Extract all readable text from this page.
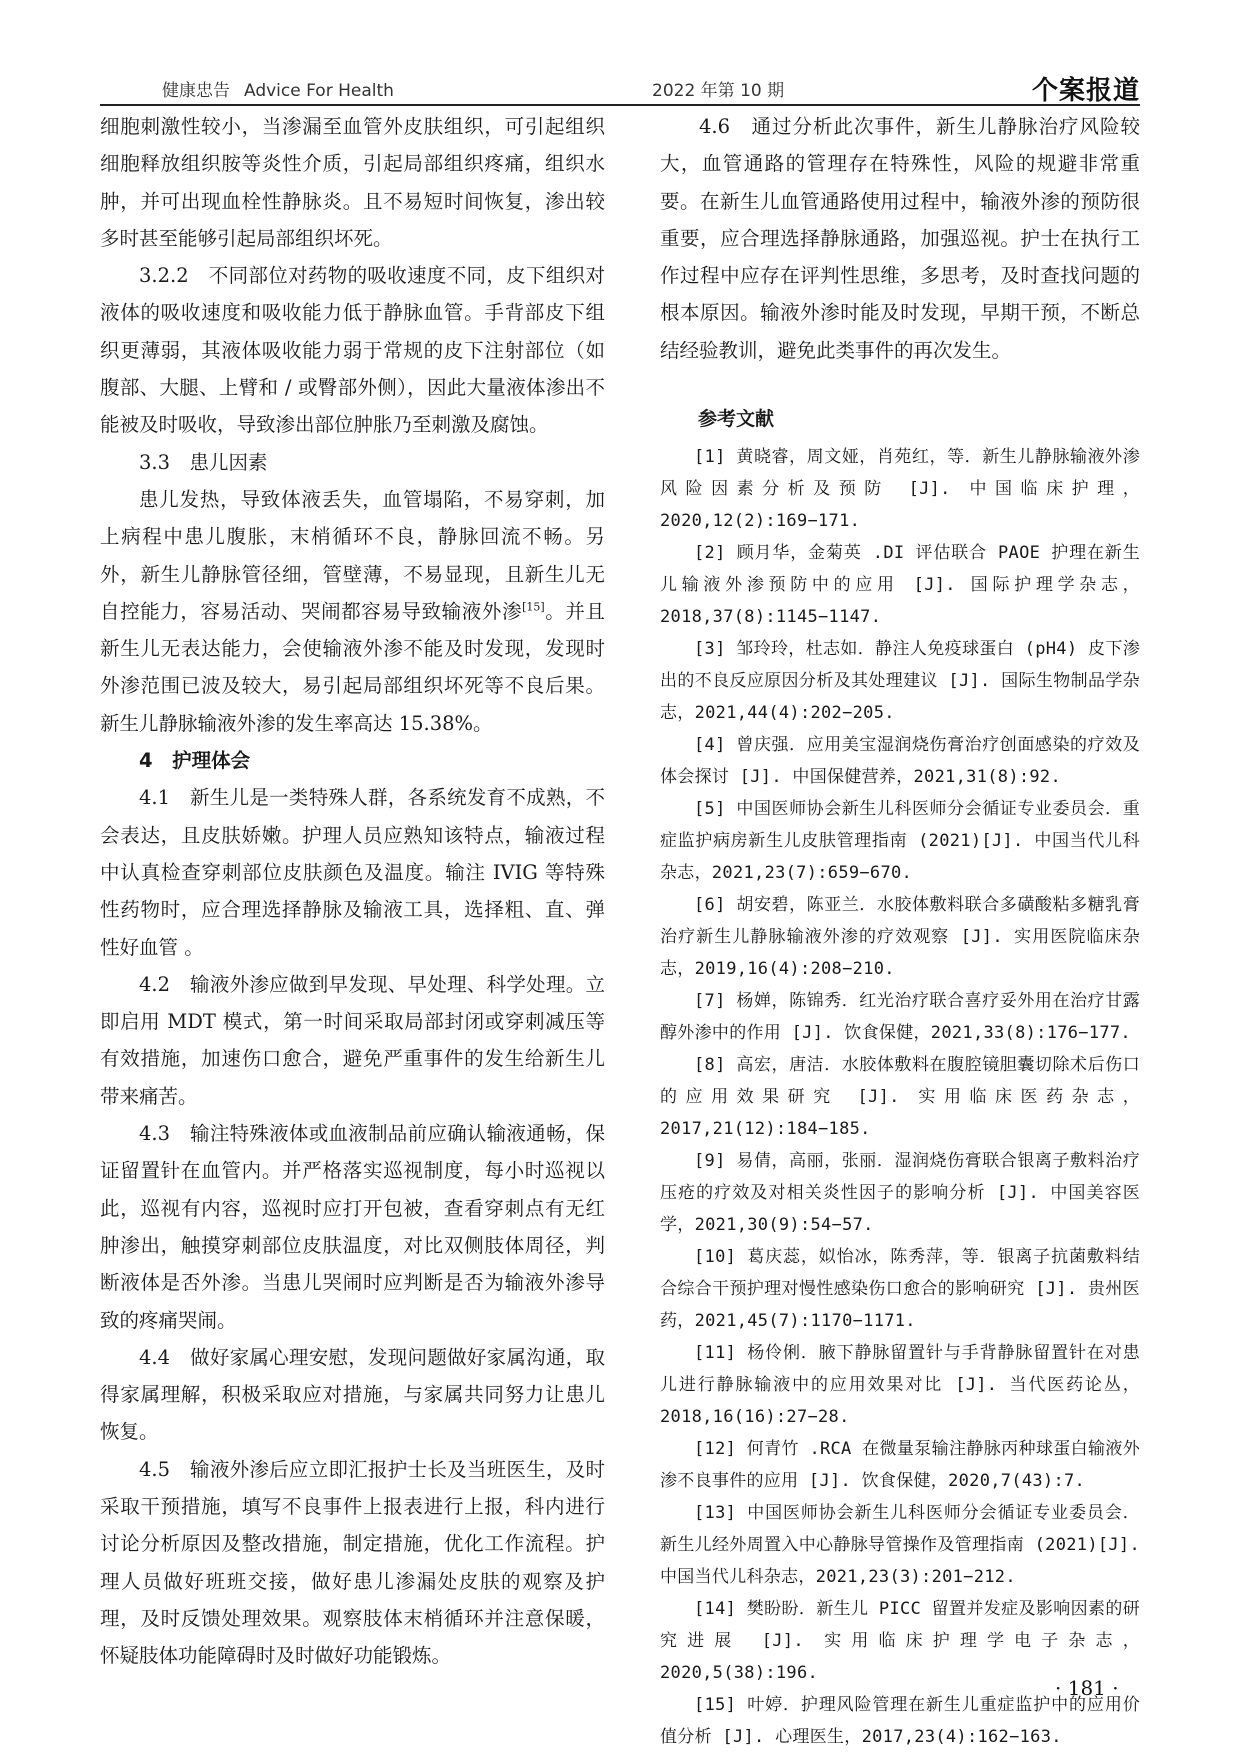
健康忠告 Advice For Health	2022 年第 10 期	个案报道

细胞刺激性较小，当渗漏至血管外皮肤组织，可引起组织细胞释放组织胺等炎性介质，引起局部组织疼痛，组织水肿，并可出现血栓性静脉炎。且不易短时间恢复，渗出较多时甚至能够引起局部组织坏死。

3.2.2　不同部位对药物的吸收速度不同，皮下组织对液体的吸收速度和吸收能力低于静脉血管。手背部皮下组织更薄弱，其液体吸收能力弱于常规的皮下注射部位（如腹部、大腿、上臂和 / 或臀部外侧），因此大量液体渗出不能被及时吸收，导致渗出部位肿胀乃至刺激及腐蚀。

3.3　患儿因素

患儿发热，导致体液丢失，血管塌陷，不易穿刺，加上病程中患儿腹胀，末梢循环不良，静脉回流不畅。另外，新生儿静脉管径细，管壁薄，不易显现，且新生儿无自控能力，容易活动、哭闹都容易导致输液外渗[15]。并且新生儿无表达能力，会使输液外渗不能及时发现，发现时外渗范围已波及较大，易引起局部组织坏死等不良后果。新生儿静脉输液外渗的发生率高达 15.38%。

4　护理体会

4.1　新生儿是一类特殊人群，各系统发育不成熟，不会表达，且皮肤娇嫩。护理人员应熟知该特点，输液过程中认真检查穿刺部位皮肤颜色及温度。输注 IVIG 等特殊性药物时，应合理选择静脉及输液工具，选择粗、直、弹性好血管 。

4.2　输液外渗应做到早发现、早处理、科学处理。立即启用 MDT 模式，第一时间采取局部封闭或穿刺减压等有效措施，加速伤口愈合，避免严重事件的发生给新生儿带来痛苦。

4.3　输注特殊液体或血液制品前应确认输液通畅，保证留置针在血管内。并严格落实巡视制度，每小时巡视以此，巡视有内容，巡视时应打开包被，查看穿刺点有无红肿渗出，触摸穿刺部位皮肤温度，对比双侧肢体周径，判断液体是否外渗。当患儿哭闹时应判断是否为输液外渗导致的疼痛哭闹。

4.4　做好家属心理安慰，发现问题做好家属沟通，取得家属理解，积极采取应对措施，与家属共同努力让患儿恢复。

4.5　输液外渗后应立即汇报护士长及当班医生，及时采取干预措施，填写不良事件上报表进行上报，科内进行讨论分析原因及整改措施，制定措施，优化工作流程。护理人员做好班班交接，做好患儿渗漏处皮肤的观察及护理，及时反馈处理效果。观察肢体末梢循环并注意保暖，怀疑肢体功能障碍时及时做好功能锻炼。

4.6　通过分析此次事件，新生儿静脉治疗风险较大，血管通路的管理存在特殊性，风险的规避非常重要。在新生儿血管通路使用过程中，输液外渗的预防很重要，应合理选择静脉通路，加强巡视。护士在执行工作过程中应存在评判性思维，多思考，及时查找问题的根本原因。输液外渗时能及时发现，早期干预，不断总结经验教训，避免此类事件的再次发生。

参考文献

[1] 黄晓睿，周文娅，肖苑红，等．新生儿静脉输液外渗风险因素分析及预防 [J]. 中国临床护理，2020,12(2):169−171.

[2] 顾月华，金菊英 .DI 评估联合 PAOE 护理在新生儿输液外渗预防中的应用 [J]. 国际护理学杂志，2018,37(8):1145−1147.

[3] 邹玲玲，杜志如．静注人免疫球蛋白 (pH4) 皮下渗出的不良反应原因分析及其处理建议 [J]. 国际生物制品学杂志，2021,44(4):202−205.

[4] 曾庆强．应用美宝湿润烧伤膏治疗创面感染的疗效及体会探讨 [J]. 中国保健营养，2021,31(8):92.

[5] 中国医师协会新生儿科医师分会循证专业委员会．重症监护病房新生儿皮肤管理指南 (2021)[J]. 中国当代儿科杂志，2021,23(7):659−670.

[6] 胡安碧，陈亚兰．水胶体敷料联合多磺酸粘多糖乳膏治疗新生儿静脉输液外渗的疗效观察 [J]. 实用医院临床杂志，2019,16(4):208−210.

[7] 杨婵，陈锦秀．红光治疗联合喜疗妥外用在治疗甘露醇外渗中的作用 [J]. 饮食保健，2021,33(8):176−177.

[8] 高宏，唐洁．水胶体敷料在腹腔镜胆囊切除术后伤口的应用效果研究 [J]. 实用临床医药杂志，2017,21(12):184−185.

[9] 易倩，高丽，张丽．湿润烧伤膏联合银离子敷料治疗压疮的疗效及对相关炎性因子的影响分析 [J]. 中国美容医学，2021,30(9):54−57.

[10] 葛庆蕊，姒怡冰，陈秀萍，等．银离子抗菌敷料结合综合干预护理对慢性感染伤口愈合的影响研究 [J]. 贵州医药，2021,45(7):1170−1171.

[11] 杨伶俐．腋下静脉留置针与手背静脉留置针在对患儿进行静脉输液中的应用效果对比 [J]. 当代医药论丛，2018,16(16):27−28.

[12] 何青竹 .RCA 在微量泵输注静脉丙种球蛋白输液外渗不良事件的应用 [J]. 饮食保健，2020,7(43):7.

[13] 中国医师协会新生儿科医师分会循证专业委员会．新生儿经外周置入中心静脉导管操作及管理指南 (2021)[J]. 中国当代儿科杂志，2021,23(3):201−212.

[14] 樊盼盼．新生儿 PICC 留置并发症及影响因素的研究进展 [J]. 实用临床护理学电子杂志，2020,5(38):196.

[15] 叶婷．护理风险管理在新生儿重症监护中的应用价值分析 [J]. 心理医生，2017,23(4):162−163.

· 181 ·
